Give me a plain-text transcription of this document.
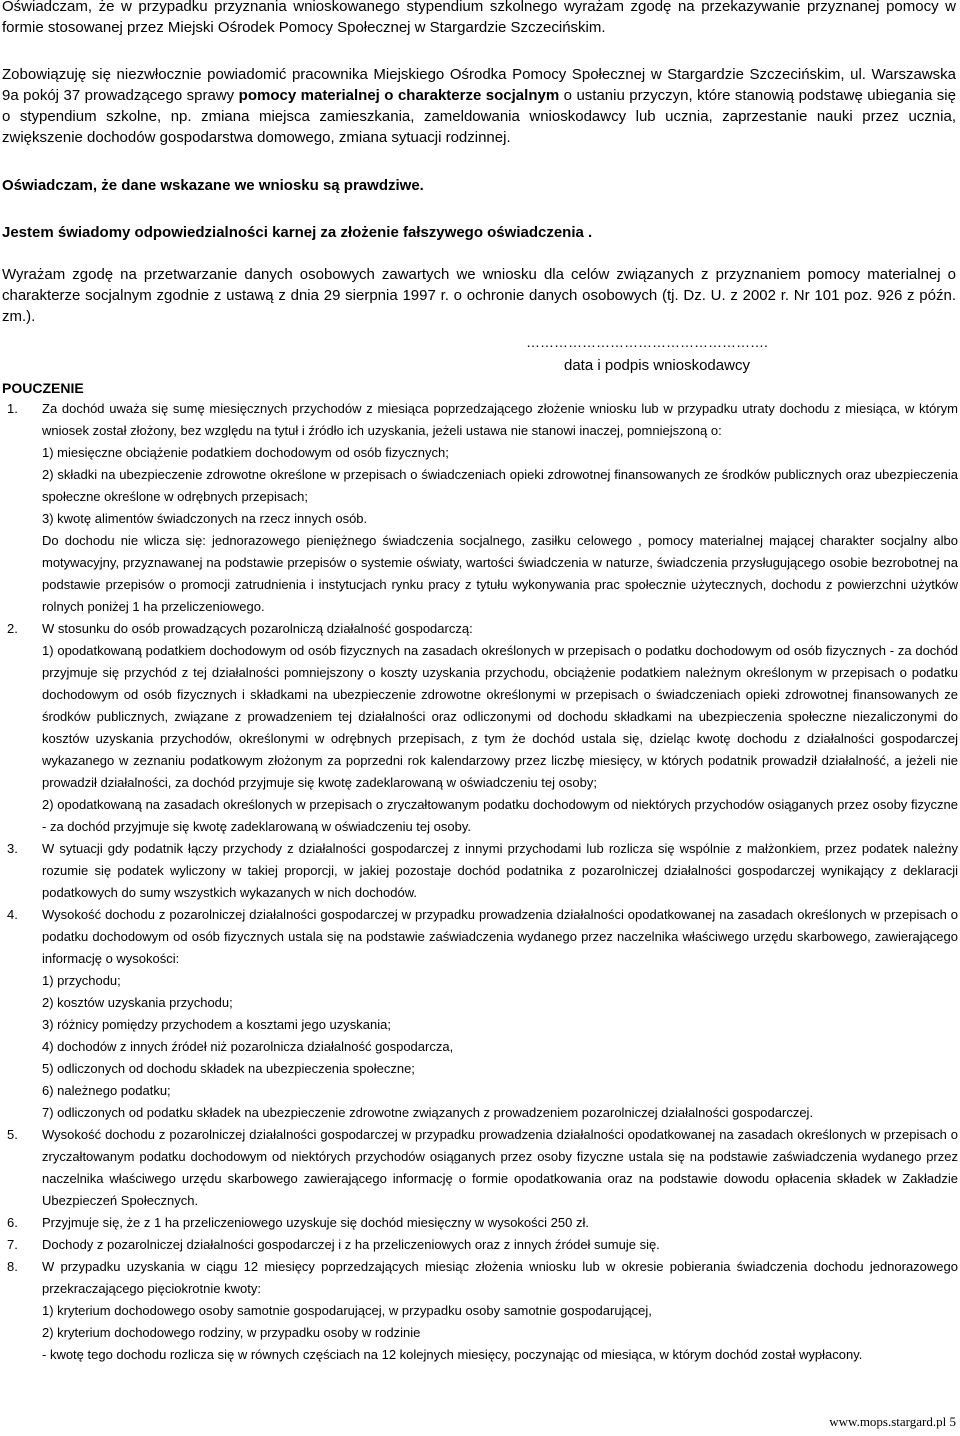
Oświadczam, że w przypadku przyznania wnioskowanego stypendium szkolnego wyrażam zgodę na przekazywanie przyznanej pomocy w formie stosowanej przez Miejski Ośrodek Pomocy Społecznej w Stargardzie Szczecińskim.

Zobowiązuję się niezwłocznie powiadomić pracownika Miejskiego Ośrodka Pomocy Społecznej w Stargardzie Szczecińskim, ul. Warszawska 9a pokój 37 prowadzącego sprawy pomocy materialnej o charakterze socjalnym o ustaniu przyczyn, które stanowią podstawę ubiegania się o stypendium szkolne, np. zmiana miejsca zamieszkania, zameldowania wnioskodawcy lub ucznia, zaprzestanie nauki przez ucznia, zwiększenie dochodów gospodarstwa domowego, zmiana sytuacji rodzinnej.

Oświadczam, że dane wskazane we wniosku są prawdziwe.

Jestem świadomy odpowiedzialności karnej za złożenie fałszywego oświadczenia .

Wyrażam zgodę na przetwarzanie danych osobowych zawartych we wniosku dla celów związanych z przyznaniem pomocy materialnej o charakterze socjalnym zgodnie z ustawą z dnia 29 sierpnia 1997 r. o ochronie danych osobowych (tj. Dz. U. z 2002 r. Nr 101 poz. 926 z późn. zm.).

…………………………………………….
data i podpis wnioskodawcy
POUCZENIE
1. Za dochód uważa się sumę miesięcznych przychodów z miesiąca poprzedzającego złożenie wniosku lub w przypadku utraty dochodu z miesiąca, w którym wniosek został złożony, bez względu na tytuł i źródło ich uzyskania, jeżeli ustawa nie stanowi inaczej, pomniejszoną o:
1) miesięczne obciążenie podatkiem dochodowym od osób fizycznych;
2) składki na ubezpieczenie zdrowotne określone w przepisach o świadczeniach opieki zdrowotnej finansowanych ze środków publicznych oraz ubezpieczenia społeczne określone w odrębnych przepisach;
3) kwotę alimentów świadczonych na rzecz innych osób.
Do dochodu nie wlicza się: jednorazowego pieniężnego świadczenia socjalnego, zasiłku celowego , pomocy materialnej mającej charakter socjalny albo motywacyjny, przyznawanej na podstawie przepisów o systemie oświaty, wartości świadczenia w naturze, świadczenia przysługującego osobie bezrobotnej na podstawie przepisów o promocji zatrudnienia i instytucjach rynku pracy z tytułu wykonywania prac społecznie użytecznych, dochodu z powierzchni użytków rolnych poniżej 1 ha przeliczeniowego.
2. W stosunku do osób prowadzących pozarolniczą działalność gospodarczą:
1) opodatkowaną podatkiem dochodowym od osób fizycznych na zasadach określonych w przepisach o podatku dochodowym od osób fizycznych - za dochód przyjmuje się przychód z tej działalności pomniejszony o koszty uzyskania przychodu, obciążenie podatkiem należnym określonym w przepisach o podatku dochodowym od osób fizycznych i składkami na ubezpieczenie zdrowotne określonymi w przepisach o świadczeniach opieki zdrowotnej finansowanych ze środków publicznych, związane z prowadzeniem tej działalności oraz odliczonymi od dochodu składkami na ubezpieczenia społeczne niezaliczonymi do kosztów uzyskania przychodów, określonymi w odrębnych przepisach, z tym że dochód ustala się, dzieląc kwotę dochodu z działalności gospodarczej wykazanego w zeznaniu podatkowym złożonym za poprzedni rok kalendarzowy przez liczbę miesięcy, w których podatnik prowadził działalność, a jeżeli nie prowadził działalności, za dochód przyjmuje się kwotę zadeklarowaną w oświadczeniu tej osoby;
2) opodatkowaną na zasadach określonych w przepisach o zryczałtowanym podatku dochodowym od niektórych przychodów osiąganych przez osoby fizyczne - za dochód przyjmuje się kwotę zadeklarowaną w oświadczeniu tej osoby.
3. W sytuacji gdy podatnik łączy przychody z działalności gospodarczej z innymi przychodami lub rozlicza się wspólnie z małżonkiem, przez podatek należny rozumie się podatek wyliczony w takiej proporcji, w jakiej pozostaje dochód podatnika z pozarolniczej działalności gospodarczej wynikający z deklaracji podatkowych do sumy wszystkich wykazanych w nich dochodów.
4. Wysokość dochodu z pozarolniczej działalności gospodarczej w przypadku prowadzenia działalności opodatkowanej na zasadach określonych w przepisach o podatku dochodowym od osób fizycznych ustala się na podstawie zaświadczenia wydanego przez naczelnika właściwego urzędu skarbowego, zawierającego informację o wysokości:
1) przychodu;
2) kosztów uzyskania przychodu;
3) różnicy pomiędzy przychodem a kosztami jego uzyskania;
4) dochodów z innych źródeł niż pozarolnicza działalność gospodarcza,
5) odliczonych od dochodu składek na ubezpieczenia społeczne;
6) należnego podatku;
7) odliczonych od podatku składek na ubezpieczenie zdrowotne związanych z prowadzeniem pozarolniczej działalności gospodarczej.
5. Wysokość dochodu z pozarolniczej działalności gospodarczej w przypadku prowadzenia działalności opodatkowanej na zasadach określonych w przepisach o zryczałtowanym podatku dochodowym od niektórych przychodów osiąganych przez osoby fizyczne ustala się na podstawie zaświadczenia wydanego przez naczelnika właściwego urzędu skarbowego zawierającego informację o formie opodatkowania oraz na podstawie dowodu opłacenia składek w Zakładzie Ubezpieczeń Społecznych.
6. Przyjmuje się, że z 1 ha przeliczeniowego uzyskuje się dochód miesięczny w wysokości 250 zł.
7. Dochody z pozarolniczej działalności gospodarczej i z ha przeliczeniowych oraz z innych źródeł sumuje się.
8. W przypadku uzyskania w ciągu 12 miesięcy poprzedzających miesiąc złożenia wniosku lub w okresie pobierania świadczenia dochodu jednorazowego przekraczającego pięciokrotnie kwoty:
1) kryterium dochodowego osoby samotnie gospodarującej, w przypadku osoby samotnie gospodarującej,
2) kryterium dochodowego rodziny, w przypadku osoby w rodzinie
- kwotę tego dochodu rozlicza się w równych częściach na 12 kolejnych miesięcy, poczynając od miesiąca, w którym dochód został wypłacony.
www.mops.stargard.pl 5
